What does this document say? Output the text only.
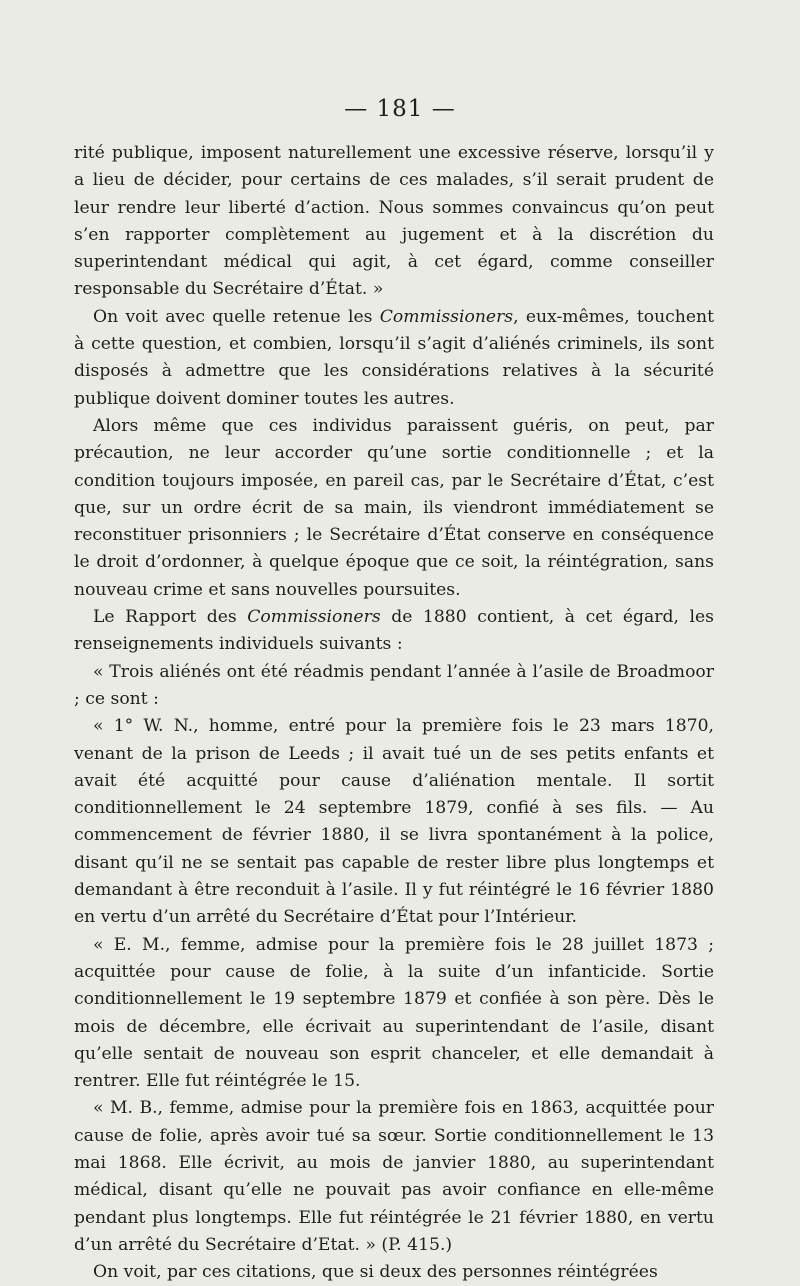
— 181 —

rité publique, imposent naturellement une excessive réserve, lorsqu’il y a lieu de décider, pour certains de ces malades, s’il serait prudent de leur rendre leur liberté d’action. Nous sommes convaincus qu’on peut s’en rapporter complètement au jugement et à la discrétion du superintendant médical qui agit, à cet égard, comme conseiller responsable du Secrétaire d’État. »

On voit avec quelle retenue les Commissioners, eux-mêmes, touchent à cette question, et combien, lorsqu’il s’agit d’aliénés criminels, ils sont disposés à admettre que les considérations relatives à la sécurité publique doivent dominer toutes les autres.

Alors même que ces individus paraissent guéris, on peut, par précaution, ne leur accorder qu’une sortie conditionnelle ; et la condition toujours imposée, en pareil cas, par le Secrétaire d’État, c’est que, sur un ordre écrit de sa main, ils viendront immédiatement se reconstituer prisonniers ; le Secrétaire d’État conserve en conséquence le droit d’ordonner, à quelque époque que ce soit, la réintégration, sans nouveau crime et sans nouvelles poursuites.

Le Rapport des Commissioners de 1880 contient, à cet égard, les renseignements individuels suivants :

« Trois aliénés ont été réadmis pendant l’année à l’asile de Broadmoor ; ce sont :

« 1° W. N., homme, entré pour la première fois le 23 mars 1870, venant de la prison de Leeds ; il avait tué un de ses petits enfants et avait été acquitté pour cause d’aliénation mentale. Il sortit conditionnellement le 24 septembre 1879, confié à ses fils. — Au commencement de février 1880, il se livra spontanément à la police, disant qu’il ne se sentait pas capable de rester libre plus longtemps et demandant à être reconduit à l’asile. Il y fut réintégré le 16 février 1880 en vertu d’un arrêté du Secrétaire d’État pour l’Intérieur.

« E. M., femme, admise pour la première fois le 28 juillet 1873 ; acquittée pour cause de folie, à la suite d’un infanticide. Sortie conditionnellement le 19 septembre 1879 et confiée à son père. Dès le mois de décembre, elle écrivait au superintendant de l’asile, disant qu’elle sentait de nouveau son esprit chanceler, et elle demandait à rentrer. Elle fut réintégrée le 15.

« M. B., femme, admise pour la première fois en 1863, acquittée pour cause de folie, après avoir tué sa sœur. Sortie conditionnellement le 13 mai 1868. Elle écrivit, au mois de janvier 1880, au superintendant médical, disant qu’elle ne pouvait pas avoir confiance en elle-même pendant plus longtemps. Elle fut réintégrée le 21 février 1880, en vertu d’un arrêté du Secrétaire d’Etat. » (P. 415.)

On voit, par ces citations, que si deux des personnes réintégrées
